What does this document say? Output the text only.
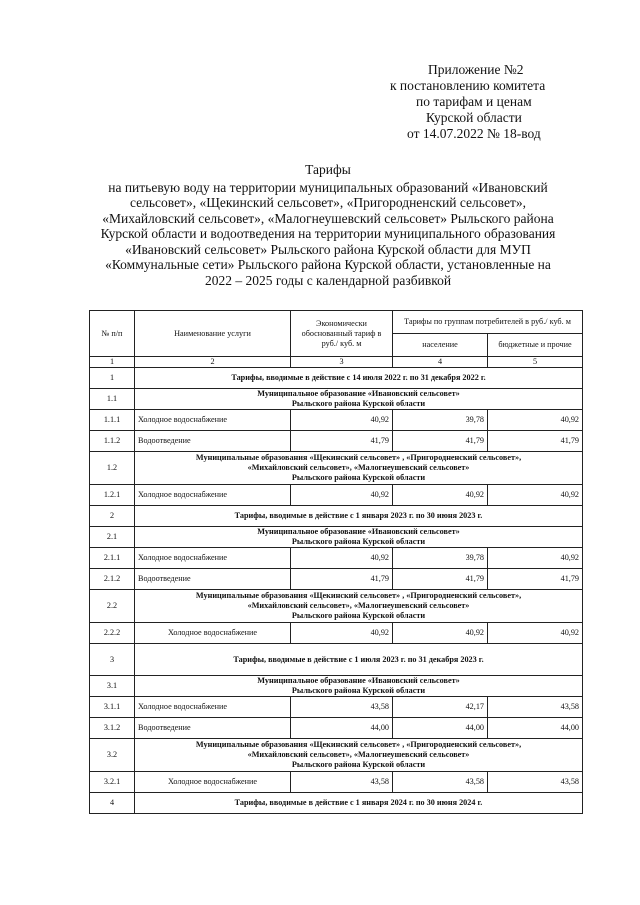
Приложение №2
к постановлению комитета
по тарифам и ценам
Курской области
от 14.07.2022 № 18-вод
Тарифы
на питьевую воду на территории муниципальных образований «Ивановский
сельсовет», «Щекинский сельсовет», «Пригородненский сельсовет»,
«Михайловский сельсовет», «Малогнеушевский сельсовет» Рыльского района
Курской области и водоотведения на территории муниципального образования
«Ивановский сельсовет» Рыльского района Курской области для МУП
«Коммунальные сети» Рыльского района Курской области, установленные на
2022 – 2025 годы с календарной разбивкой
№ п/п	Наименование услуги	Экономически обоснованный тариф в руб./ куб. м	Тарифы по группам потребителей в руб./ куб. м	
			население	бюджетные и прочие
1	2	3	4	5
1	Тарифы, вводимые в действие с 14 июля 2022 г. по 31 декабря 2022 г.			
1.1	Муниципальное образование «Ивановский сельсовет»
Рыльского района Курской области			

1.1.1	Холодное водоснабжение	40,92	39,78	40,92
1.1.2	Водоотведение	41,79	41,79	41,79
1.2	Муниципальные образования «Щекинский сельсовет» , «Пригородненский сельсовет»,
«Михайловский сельсовет», «Малогнеушевский сельсовет»
Рыльского района Курской области			

1.2.1	Холодное водоснабжение	40,92	40,92	40,92
2	Тарифы, вводимые в действие с 1 января 2023 г. по 30 июня 2023 г.			
2.1	Муниципальное образование «Ивановский сельсовет»
Рыльского района Курской области			

2.1.1	Холодное водоснабжение	40,92	39,78	40,92
2.1.2	Водоотведение	41,79	41,79	41,79
2.2	Муниципальные образования «Щекинский сельсовет» , «Пригородненский сельсовет»,
«Михайловский сельсовет», «Малогнеушевский сельсовет»
Рыльского района Курской области			

2.2.2	Холодное водоснабжение	40,92	40,92	40,92
3	Тарифы, вводимые в действие с 1 июля 2023 г. по 31 декабря 2023 г.			
3.1	Муниципальное образование «Ивановский сельсовет»
Рыльского района Курской области			

3.1.1	Холодное водоснабжение	43,58	42,17	43,58
3.1.2	Водоотведение	44,00	44,00	44,00
3.2	Муниципальные образования «Щекинский сельсовет» , «Пригородненский сельсовет»,
«Михайловский сельсовет», «Малогнеушевский сельсовет»
Рыльского района Курской области			

3.2.1	Холодное водоснабжение	43,58	43,58	43,58
4	Тарифы, вводимые в действие с 1 января 2024 г. по 30 июня 2024 г.			
